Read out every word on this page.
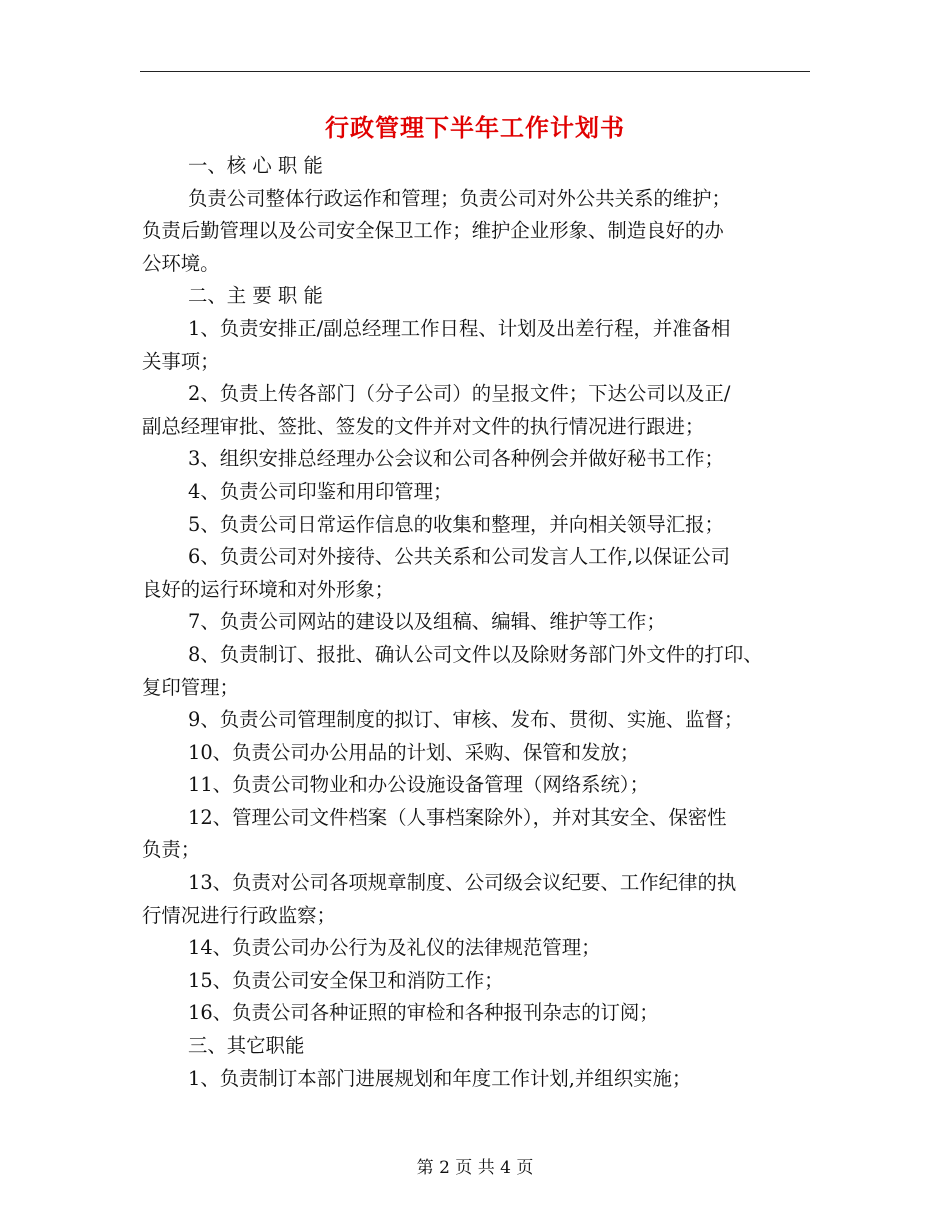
行政管理下半年工作计划书
一、核 心 职 能
负责公司整体行政运作和管理；负责公司对外公共关系的维护；
负责后勤管理以及公司安全保卫工作；维护企业形象、制造良好的办
公环境。
二、主 要 职 能
1、负责安排正/副总经理工作日程、计划及出差行程，并准备相
关事项；
2、负责上传各部门（分子公司）的呈报文件；下达公司以及正/
副总经理审批、签批、签发的文件并对文件的执行情况进行跟进；
3、组织安排总经理办公会议和公司各种例会并做好秘书工作；
4、负责公司印鉴和用印管理；
5、负责公司日常运作信息的收集和整理，并向相关领导汇报；
6、负责公司对外接待、公共关系和公司发言人工作,以保证公司
良好的运行环境和对外形象；
7、负责公司网站的建设以及组稿、编辑、维护等工作；
8、负责制订、报批、确认公司文件以及除财务部门外文件的打印、
复印管理；
9、负责公司管理制度的拟订、审核、发布、贯彻、实施、监督；
10、负责公司办公用品的计划、采购、保管和发放；
11、负责公司物业和办公设施设备管理（网络系统）；
12、管理公司文件档案（人事档案除外），并对其安全、保密性
负责；
13、负责对公司各项规章制度、公司级会议纪要、工作纪律的执
行情况进行行政监察；
14、负责公司办公行为及礼仪的法律规范管理；
15、负责公司安全保卫和消防工作；
16、负责公司各种证照的审检和各种报刊杂志的订阅；
三、其它职能
1、负责制订本部门进展规划和年度工作计划,并组织实施；
第 2 页 共 4 页
